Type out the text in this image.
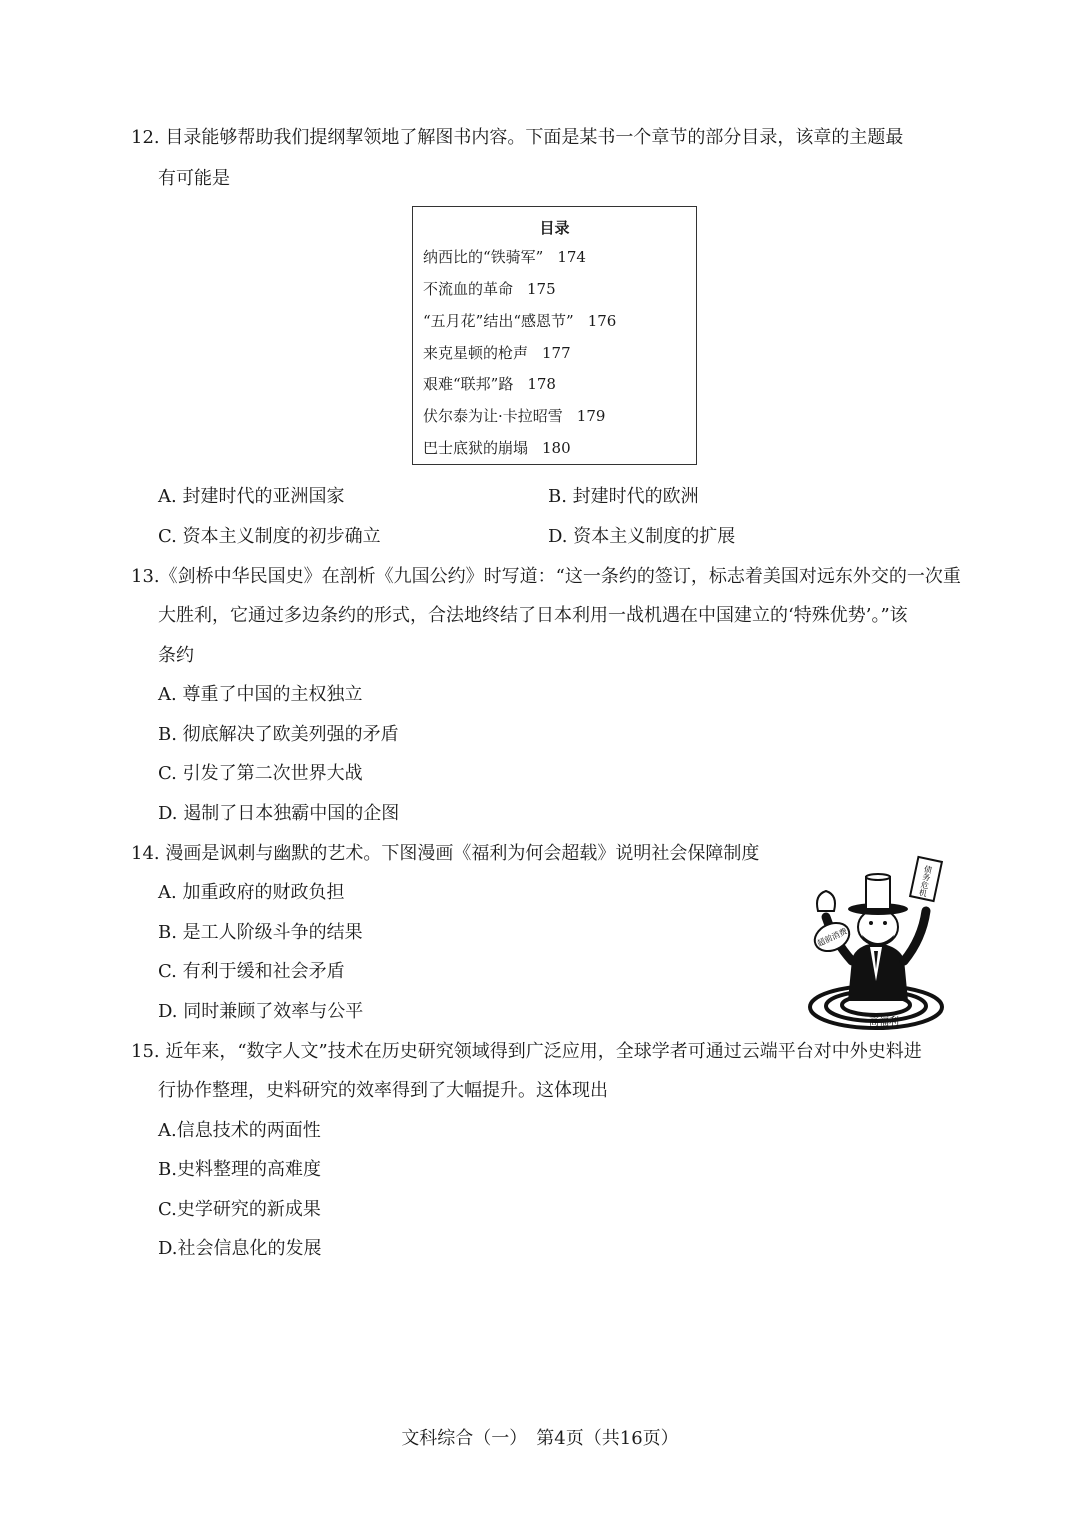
12. 目录能够帮助我们提纲挈领地了解图书内容。下面是某书一个章节的部分目录，该章的主题最
有可能是
目录
纳西比的“铁骑军” 174
不流血的革命 175
“五月花”结出“感恩节” 176
来克星顿的枪声 177
艰难“联邦”路 178
伏尔泰为让·卡拉昭雪 179
巴士底狱的崩塌 180
A. 封建时代的亚洲国家	B. 封建时代的欧洲
C. 资本主义制度的初步确立	D. 资本主义制度的扩展
13.《剑桥中华民国史》在剖析《九国公约》时写道：“这一条约的签订，标志着美国对远东外交的一次重
大胜利，它通过多边条约的形式，合法地终结了日本利用一战机遇在中国建立的‘特殊优势’。”该
条约
A. 尊重了中国的主权独立
B. 彻底解决了欧美列强的矛盾
C. 引发了第二次世界大战
D. 遏制了日本独霸中国的企图
14. 漫画是讽刺与幽默的艺术。下图漫画《福利为何会超载》说明社会保障制度
A. 加重政府的财政负担
B. 是工人阶级斗争的结果
C. 有利于缓和社会矛盾
D. 同时兼顾了效率与公平
超前消费
债务危机
高福利
15. 近年来，“数字人文”技术在历史研究领域得到广泛应用，全球学者可通过云端平台对中外史料进
行协作整理，史料研究的效率得到了大幅提升。这体现出
A.信息技术的两面性
B.史料整理的高难度
C.史学研究的新成果
D.社会信息化的发展
文科综合（一）　第4页（共16页）
